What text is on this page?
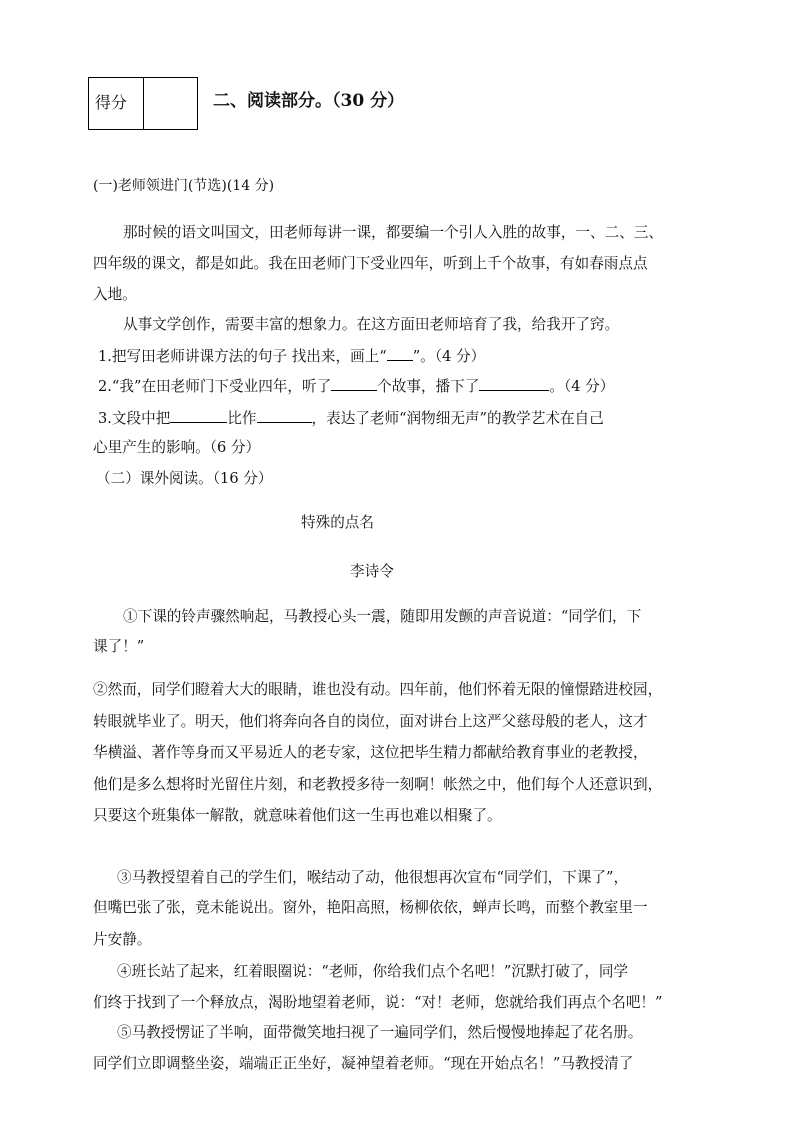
得分	二、阅读部分。（30 分）
(一)老师领进门(节选)(14 分)
那时候的语文叫国文，田老师每讲一课，都要编一个引人入胜的故事，一、二、三、
四年级的课文，都是如此。我在田老师门下受业四年，听到上千个故事，有如春雨点点
入地。
从事文学创作，需要丰富的想象力。在这方面田老师培育了我，给我开了窍。
1.把写田老师讲课方法的句子 找出来，画上“ ”。（4 分）
2.“我”在田老师门下受业四年，听了	个故事，播下了	。（4 分）
3.文段中把	比作	，表达了老师“润物细无声”的教学艺术在自己
心里产生的影响。（6 分）
（二）课外阅读。（16 分）
特殊的点名
李诗令
①下课的铃声骤然响起，马教授心头一震，随即用发颤的声音说道：“同学们，下
课了！”
②然而，同学们瞪着大大的眼睛，谁也没有动。四年前，他们怀着无限的憧憬踏进校园，
转眼就毕业了。明天，他们将奔向各自的岗位，面对讲台上这严父慈母般的老人，这才
华横溢、著作等身而又平易近人的老专家，这位把毕生精力都献给教育事业的老教授，
他们是多么想将时光留住片刻，和老教授多待一刻啊！帐然之中，他们每个人还意识到，
只要这个班集体一解散，就意味着他们这一生再也难以相聚了。
③马教授望着自己的学生们，喉结动了动，他很想再次宣布“同学们，下课了”，
但嘴巴张了张，竟未能说出。窗外，艳阳高照，杨柳依依，蝉声长鸣，而整个教室里一
片安静。
④班长站了起来，红着眼圈说：“老师，你给我们点个名吧！”沉默打破了，同学
们终于找到了一个释放点，渴盼地望着老师，说：“对！老师，您就给我们再点个名吧！”
⑤马教授愣证了半响，面带微笑地扫视了一遍同学们，然后慢慢地捧起了花名册。
同学们立即调整坐姿，端端正正坐好，凝神望着老师。“现在开始点名！”马教授清了
